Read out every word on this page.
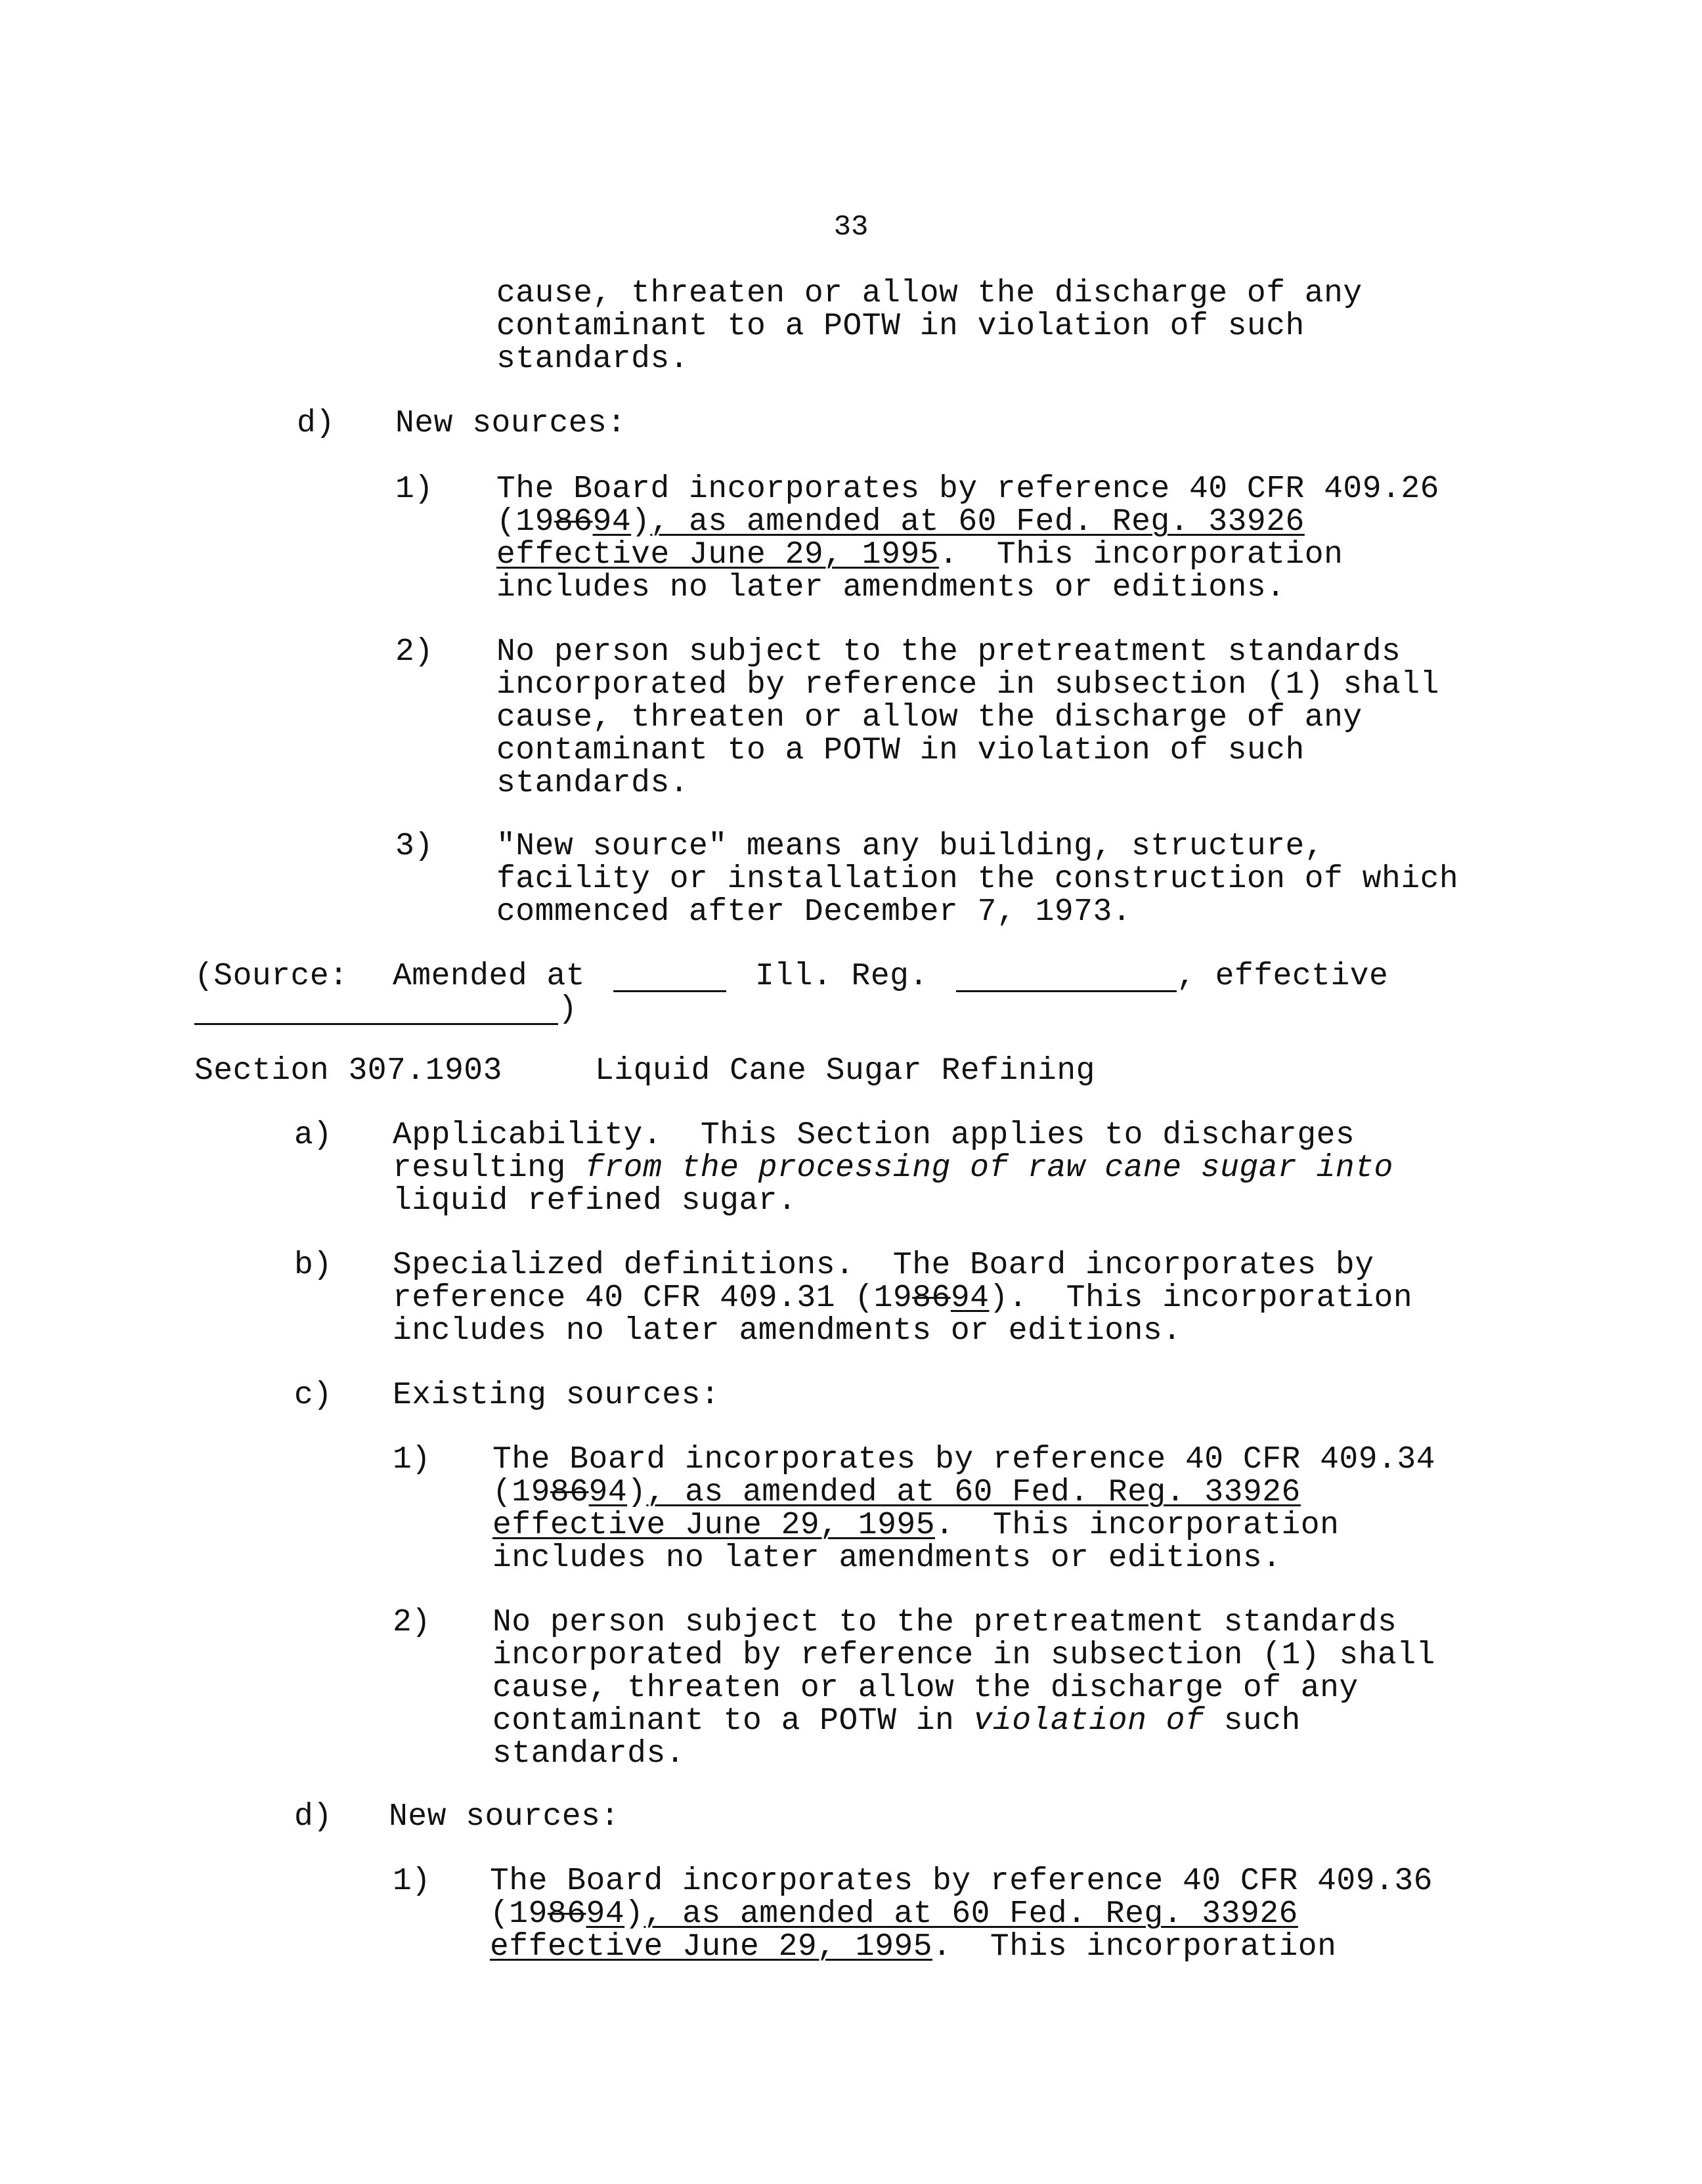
33
cause, threaten or allow the discharge of any
contaminant to a POTW in violation of such
standards.
d) New sources:
1) The Board incorporates by reference 40 CFR 409.26
(198694), as amended at 60 Fed. Reg. 33926
effective June 29, 1995.  This incorporation
includes no later amendments or editions.
2) No person subject to the pretreatment standards
incorporated by reference in subsection (1) shall
cause, threaten or allow the discharge of any
contaminant to a POTW in violation of such
standards.
3) "New source" means any building, structure,
facility or installation the construction of which
commenced after December 7, 1973.
(Source: Amended at	Ill. Reg.	, effective
)
Section 307.1903	Liquid Cane Sugar Refining
a) Applicability.  This Section applies to discharges
resulting from the processing of raw cane sugar into
liquid refined sugar.
b) Specialized definitions.  The Board incorporates by
reference 40 CFR 409.31 (198694).  This incorporation
includes no later amendments or editions.
c) Existing sources:
1) The Board incorporates by reference 40 CFR 409.34
(198694), as amended at 60 Fed. Reg. 33926
effective June 29, 1995.  This incorporation
includes no later amendments or editions.
2) No person subject to the pretreatment standards
incorporated by reference in subsection (1) shall
cause, threaten or allow the discharge of any
contaminant to a POTW in violation of such
standards.
d) New sources:
1) The Board incorporates by reference 40 CFR 409.36
(198694), as amended at 60 Fed. Reg. 33926
effective June 29, 1995.  This incorporation
